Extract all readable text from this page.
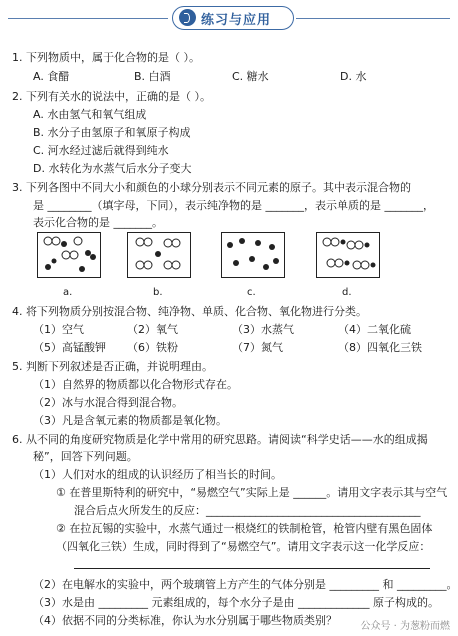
练习与应用
1. 下列物质中，属于化合物的是（ ）。
A. 食醋	B. 白酒	C. 糖水	D. 水
2. 下列有关水的说法中，正确的是（ ）。
A. 水由氢气和氧气组成
B. 水分子由氢原子和氧原子构成
C. 河水经过滤后就得到纯水
D. 水转化为水蒸气后水分子变大
3. 下列各图中不同大小和颜色的小球分别表示不同元素的原子。其中表示混合物的
是 ________（填字母，下同），表示纯净物的是 _______，表示单质的是 _______，
表示化合物的是 _______。
a.	b.	c.	d.
4. 将下列物质分别按混合物、纯净物、单质、化合物、氧化物进行分类。
（1）空气	（2）氧气	（3）水蒸气	（4）二氧化硫
（5）高锰酸钾 （6）铁粉	（7）氮气	（8）四氧化三铁
5. 判断下列叙述是否正确，并说明理由。
（1）自然界的物质都以化合物形式存在。
（2）冰与水混合得到混合物。
（3）凡是含氧元素的物质都是氧化物。
6. 从不同的角度研究物质是化学中常用的研究思路。请阅读“科学史话——水的组成揭
秘”，回答下列问题。
（1）人们对水的组成的认识经历了相当长的时间。
① 在普里斯特利的研究中，“易燃空气”实际上是 ______。请用文字表示其与空气
混合后点火所发生的反应：_______________________________________
② 在拉瓦锡的实验中，水蒸气通过一根烧红的铁制枪管，枪管内壁有黑色固体
（四氧化三铁）生成，同时得到了“易燃空气”。请用文字表示这一化学反应：
（2）在电解水的实验中，两个玻璃管上方产生的气体分别是 _________ 和 _________。
（3）水是由 _________ 元素组成的，每个水分子是由 _____________ 原子构成的。
（4）依据不同的分类标准，你认为水分别属于哪些物质类别？ 公众号 · 为葱粉而燃
